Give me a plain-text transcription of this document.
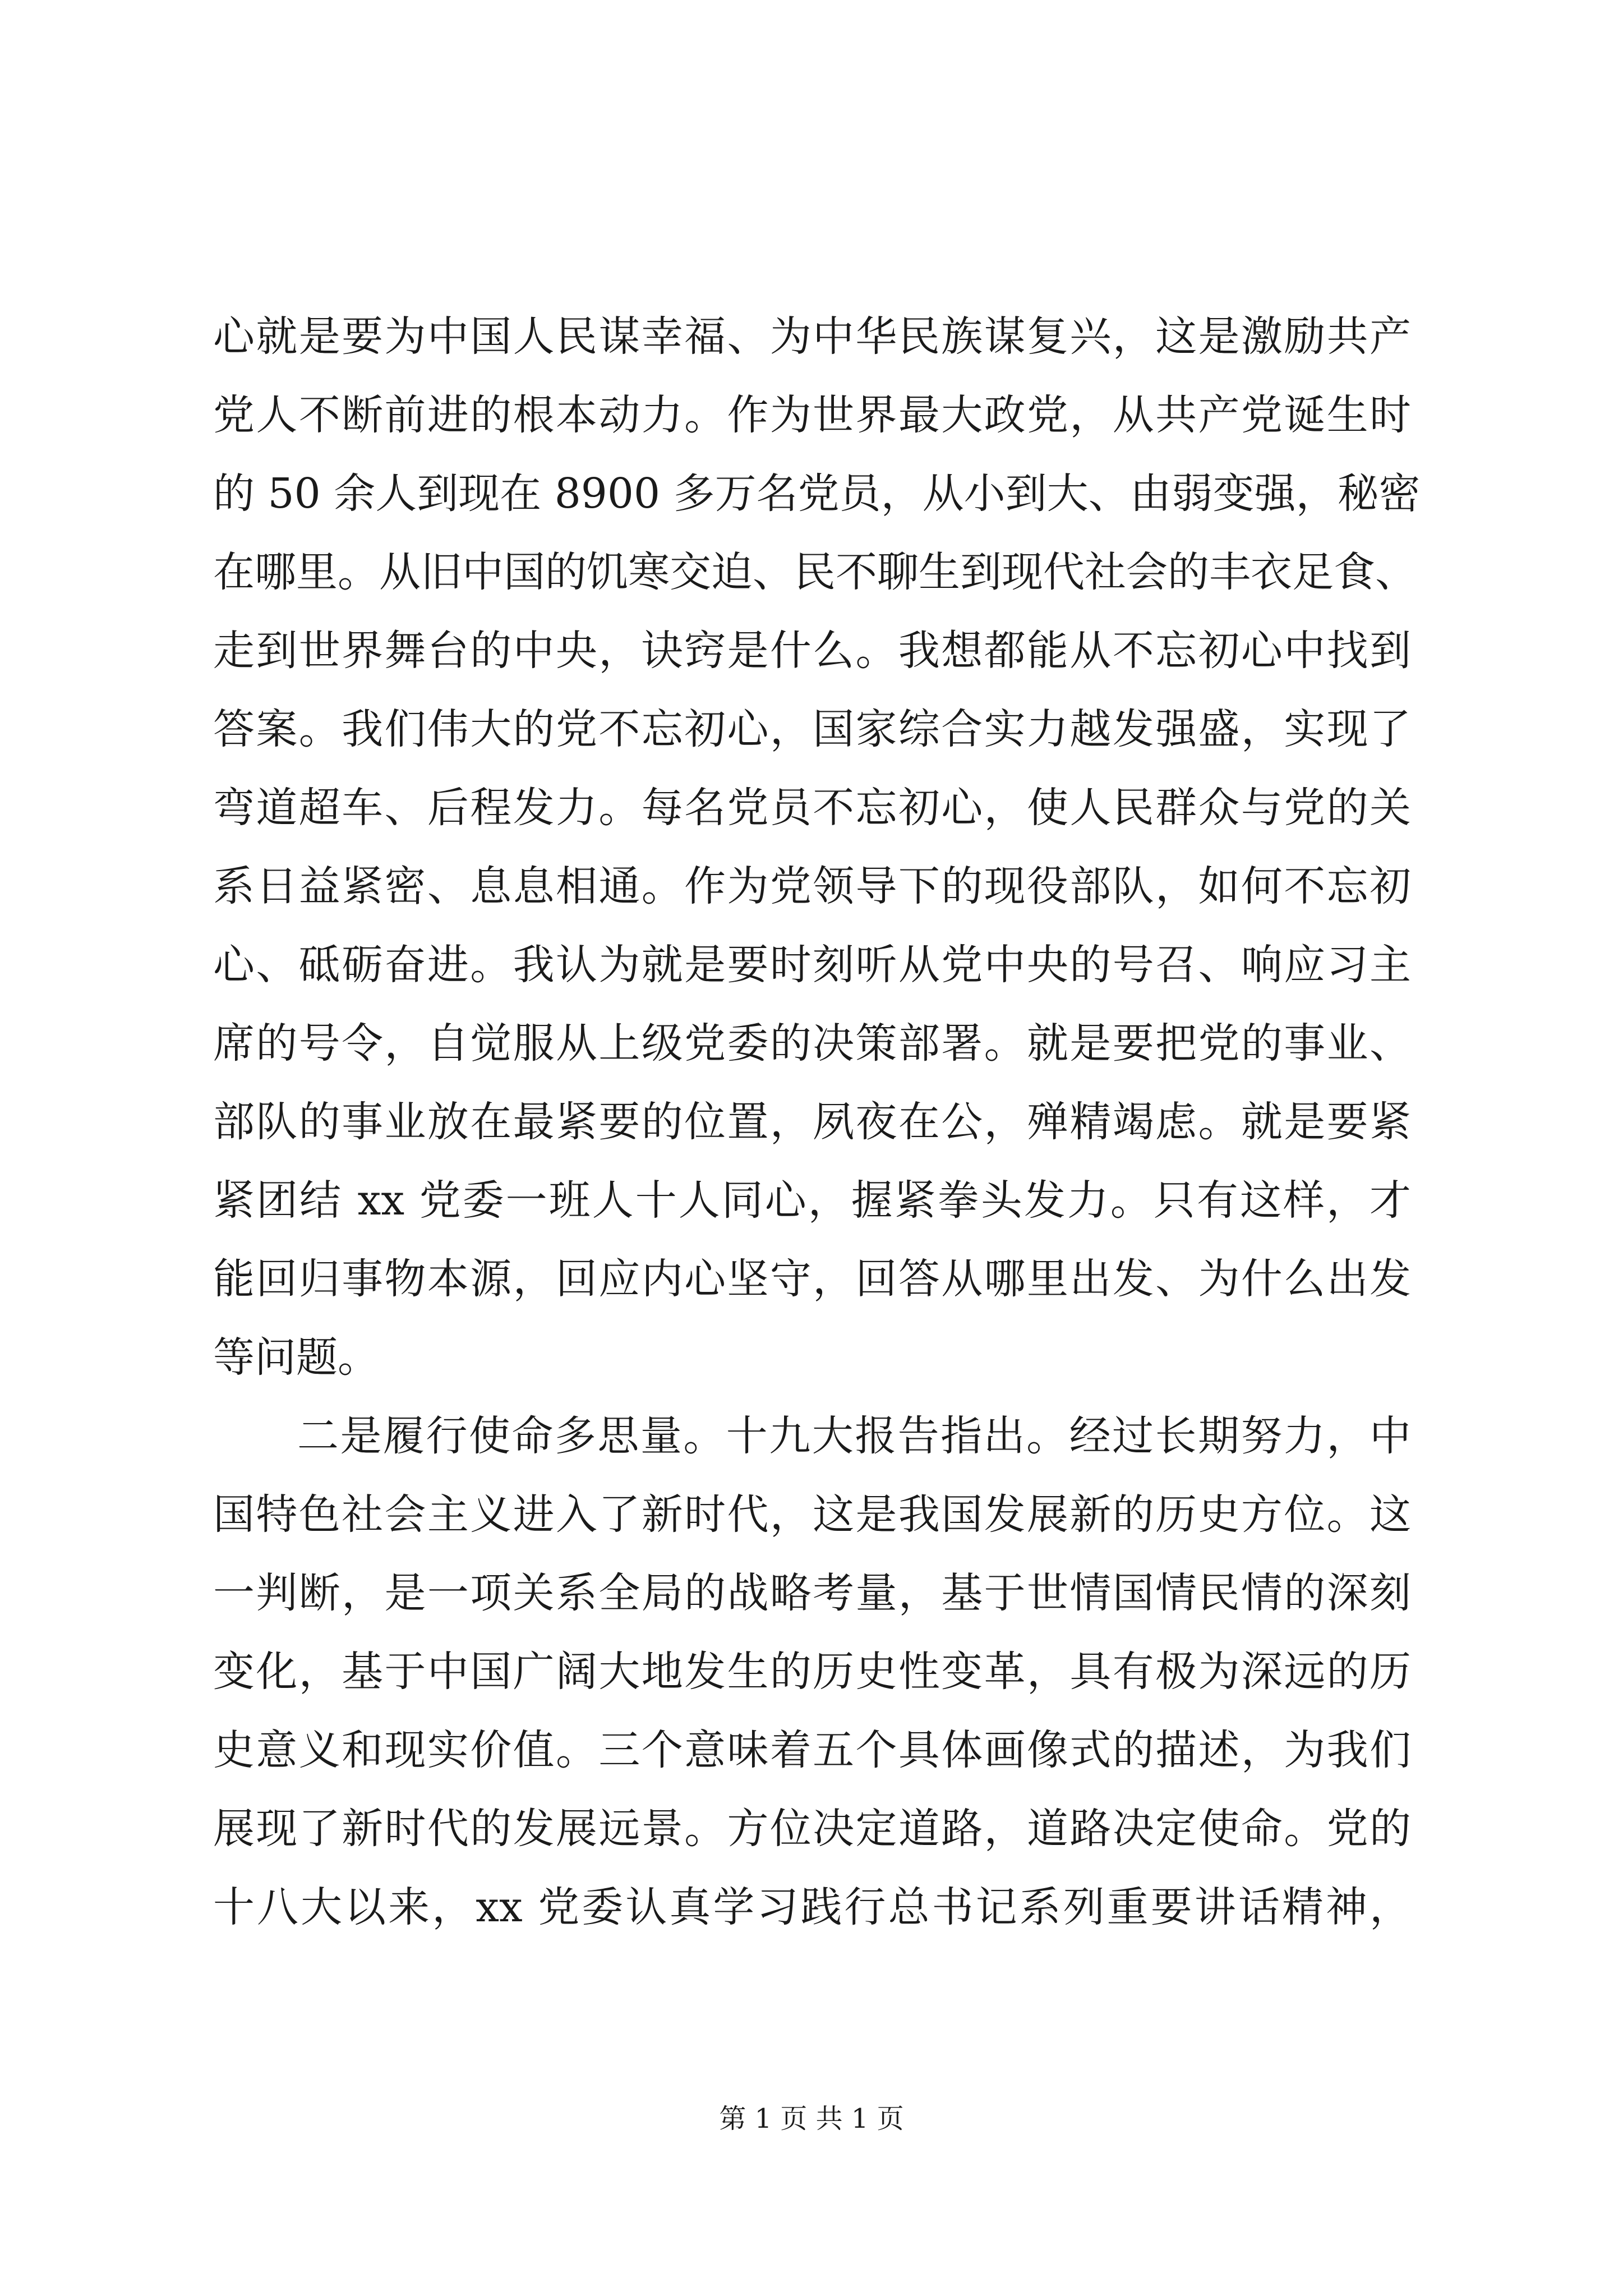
心就是要为中国人民谋幸福、为中华民族谋复兴，这是激励共产
党人不断前进的根本动力。作为世界最大政党，从共产党诞生时
的 50 余人到现在 8900 多万名党员，从小到大、由弱变强，秘密
在哪里。从旧中国的饥寒交迫、民不聊生到现代社会的丰衣足食、
走到世界舞台的中央，诀窍是什么。我想都能从不忘初心中找到
答案。我们伟大的党不忘初心，国家综合实力越发强盛，实现了
弯道超车、后程发力。每名党员不忘初心，使人民群众与党的关
系日益紧密、息息相通。作为党领导下的现役部队，如何不忘初
心、砥砺奋进。我认为就是要时刻听从党中央的号召、响应习主
席的号令，自觉服从上级党委的决策部署。就是要把党的事业、
部队的事业放在最紧要的位置，夙夜在公，殚精竭虑。就是要紧
紧团结 xx 党委一班人十人同心，握紧拳头发力。只有这样，才
能回归事物本源，回应内心坚守，回答从哪里出发、为什么出发
等问题。
二是履行使命多思量。十九大报告指出。经过长期努力，中
国特色社会主义进入了新时代，这是我国发展新的历史方位。这
一判断，是一项关系全局的战略考量，基于世情国情民情的深刻
变化，基于中国广阔大地发生的历史性变革，具有极为深远的历
史意义和现实价值。三个意味着五个具体画像式的描述，为我们
展现了新时代的发展远景。方位决定道路，道路决定使命。党的
十八大以来，xx 党委认真学习践行总书记系列重要讲话精神，
第 1 页 共 1 页
